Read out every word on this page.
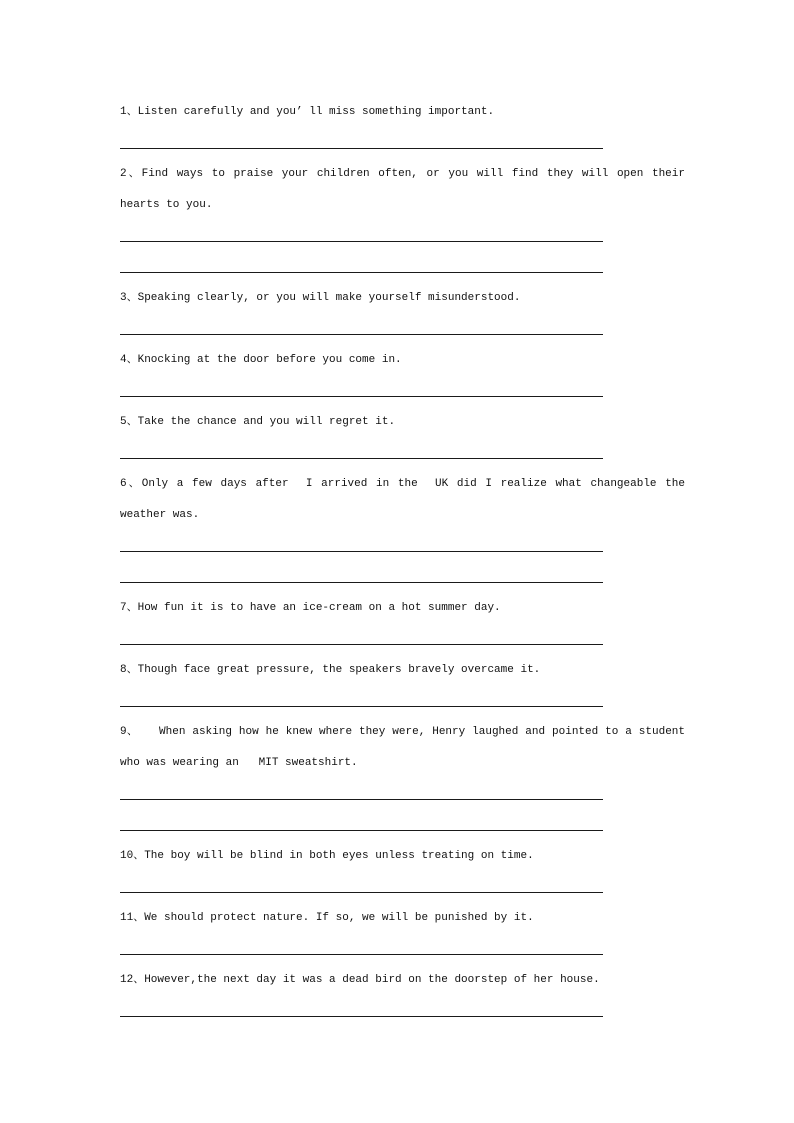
1、Listen carefully and you’ ll miss something important.
2、Find ways to praise your children often, or you will find they will open their
hearts to you.
3、Speaking clearly, or you will make yourself misunderstood.
4、Knocking at the door before you come in.
5、Take the chance and you will regret it.
6、Only a few days after  I arrived in the  UK did I realize what changeable the
weather was.
7、How fun it is to have an ice-cream on a hot summer day.
8、Though face great pressure, the speakers bravely overcame it.
9、   When asking how he knew where they were, Henry laughed and pointed to a student
who was wearing an   MIT sweatshirt.
10、The boy will be blind in both eyes unless treating on time.
11、We should protect nature. If so, we will be punished by it.
12、However,the next day it was a dead bird on the doorstep of her house.
